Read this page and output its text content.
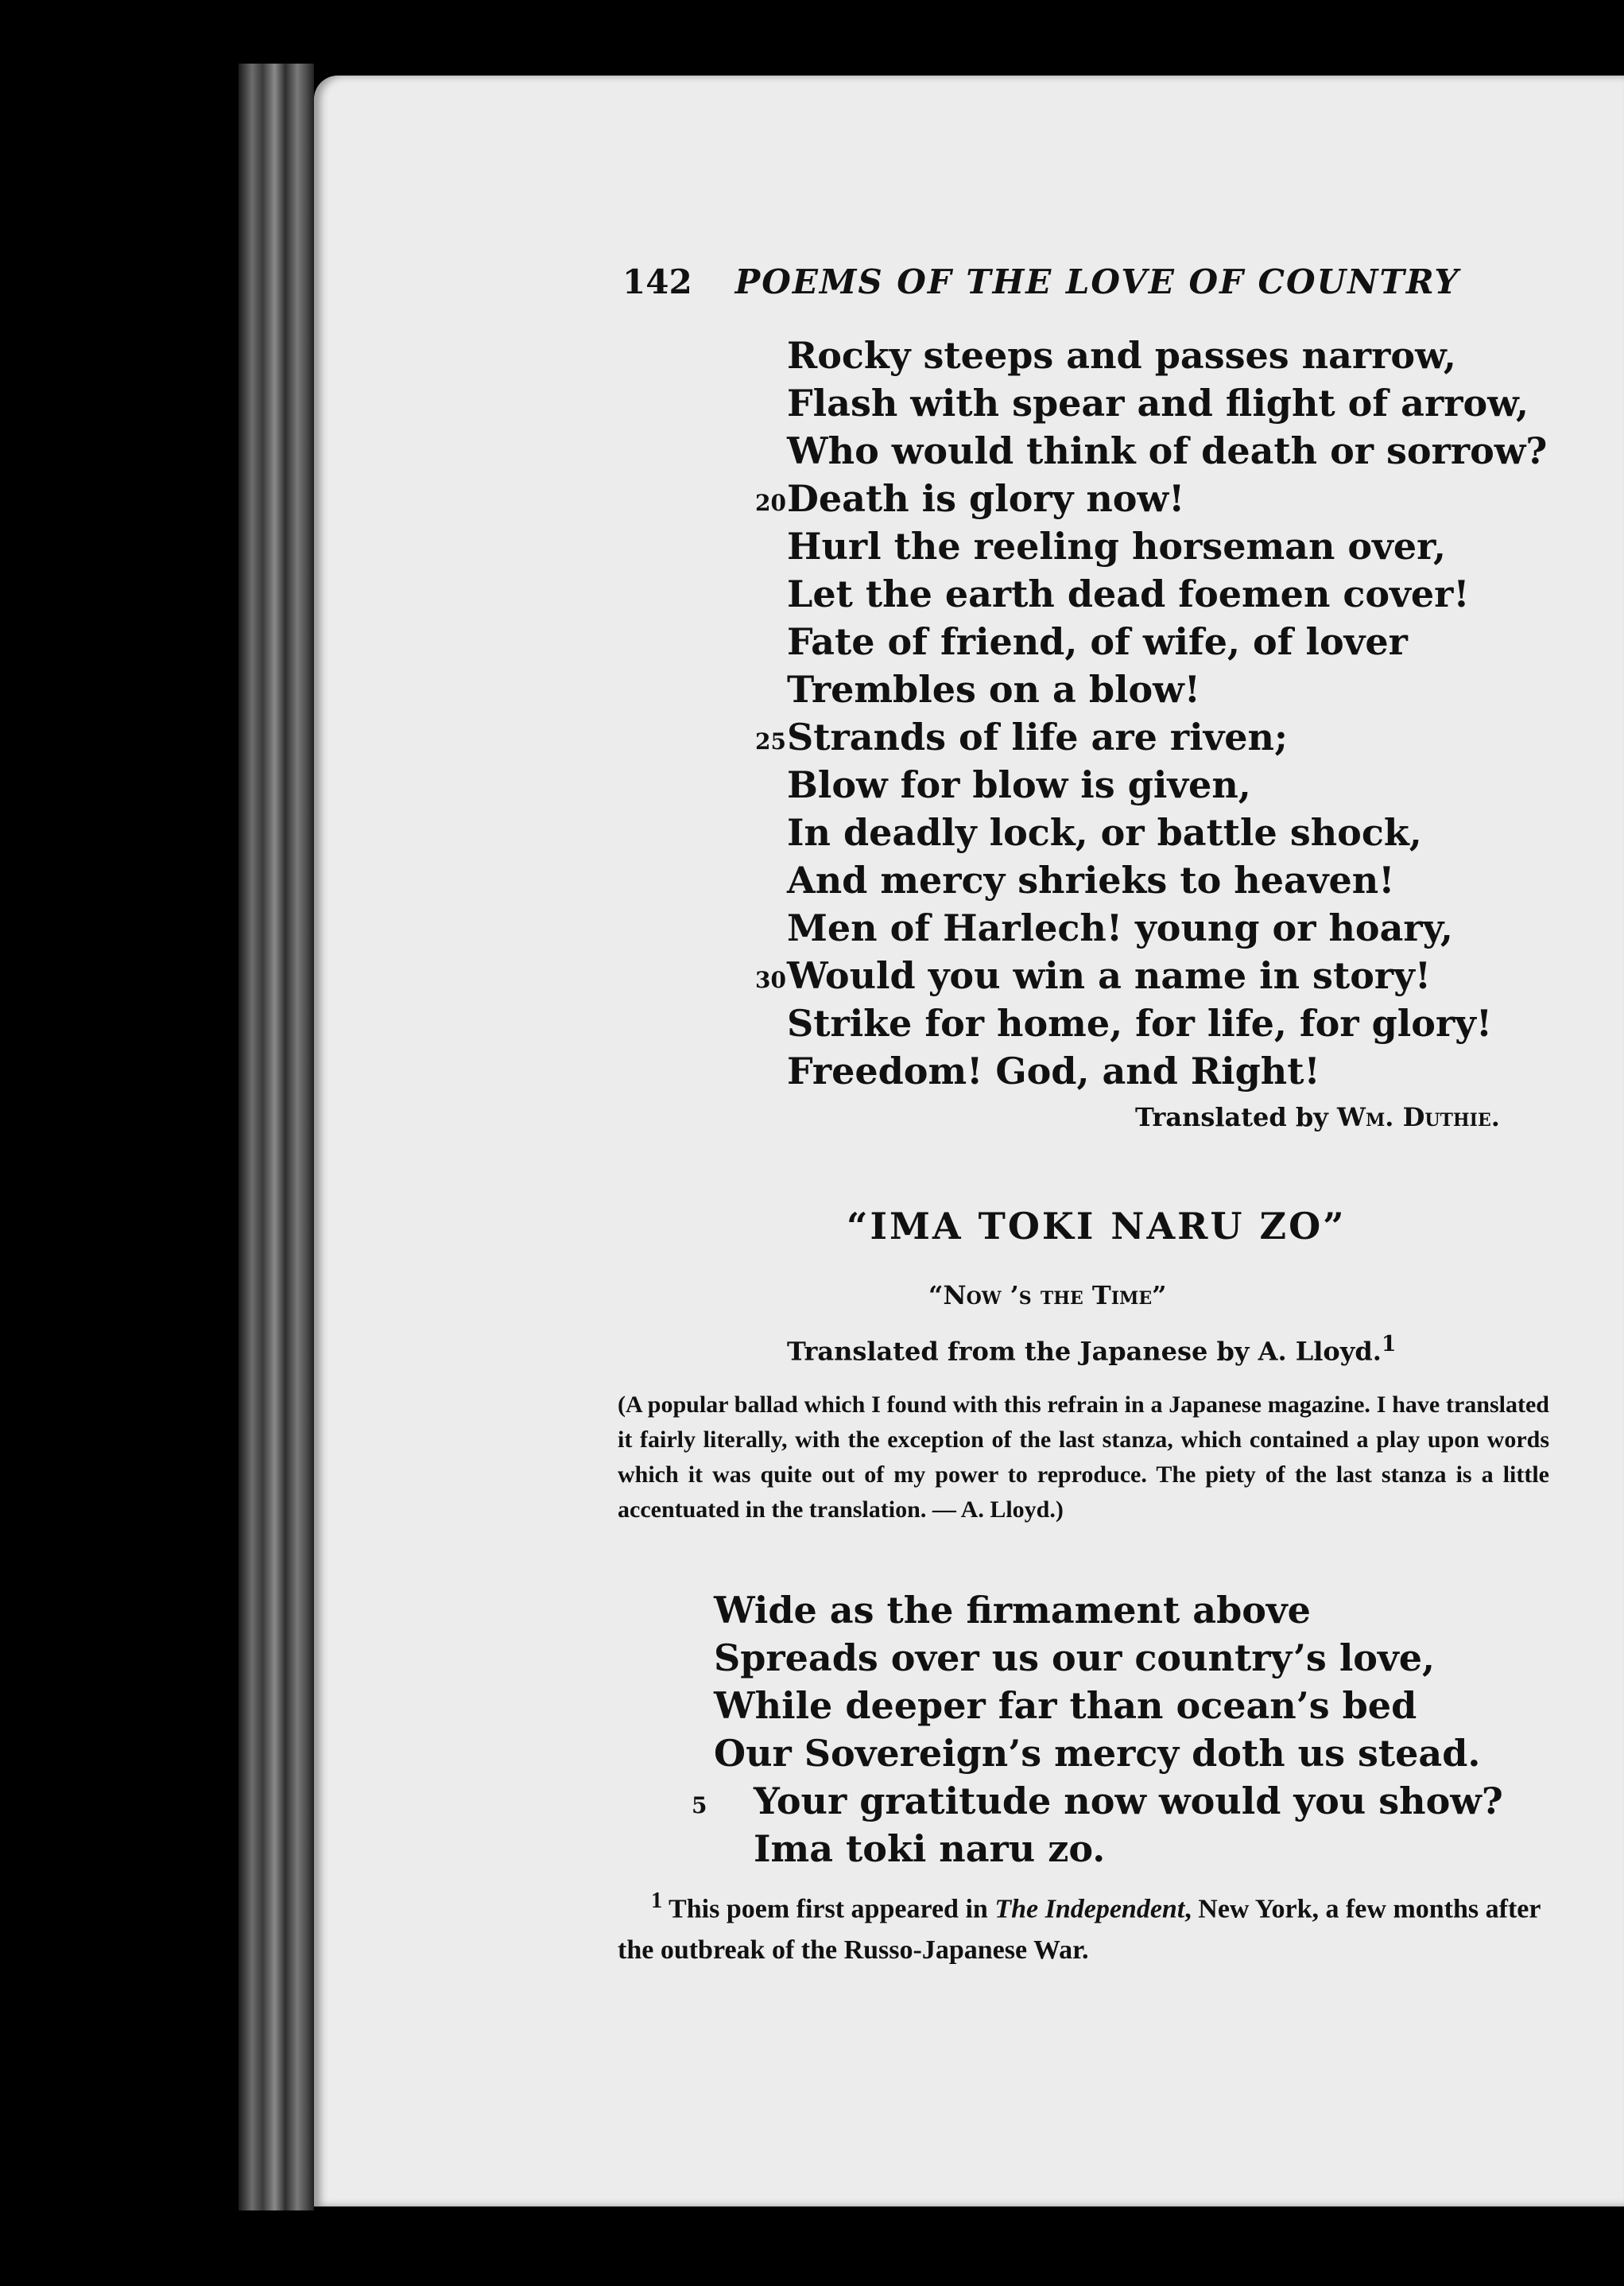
142 POEMS OF THE LOVE OF COUNTRY
Rocky steeps and passes narrow,
Flash with spear and flight of arrow,
Who would think of death or sorrow?
20 Death is glory now!
Hurl the reeling horseman over,
Let the earth dead foemen cover!
Fate of friend, of wife, of lover
Trembles on a blow!
25 Strands of life are riven;
Blow for blow is given,
In deadly lock, or battle shock,
And mercy shrieks to heaven!
Men of Harlech! young or hoary,
30 Would you win a name in story!
Strike for home, for life, for glory!
Freedom! God, and Right!
Translated by Wm. Duthie.
“IMA TOKI NARU ZO”
“Now ’s the Time”
Translated from the Japanese by A. Lloyd.$^1$
(A popular ballad which I found with this refrain in a Japanese magazine. I have translated it fairly literally, with the exception of the last stanza, which contained a play upon words which it was quite out of my power to reproduce. The piety of the last stanza is a little accentuated in the translation. — A. Lloyd.)
Wide as the firmament above
Spreads over us our country’s love,
While deeper far than ocean’s bed
Our Sovereign’s mercy doth us stead.
5 Your gratitude now would you show?
Ima toki naru zo.
$^1$ This poem first appeared in The Independent, New York, a few months after the outbreak of the Russo-Japanese War.
